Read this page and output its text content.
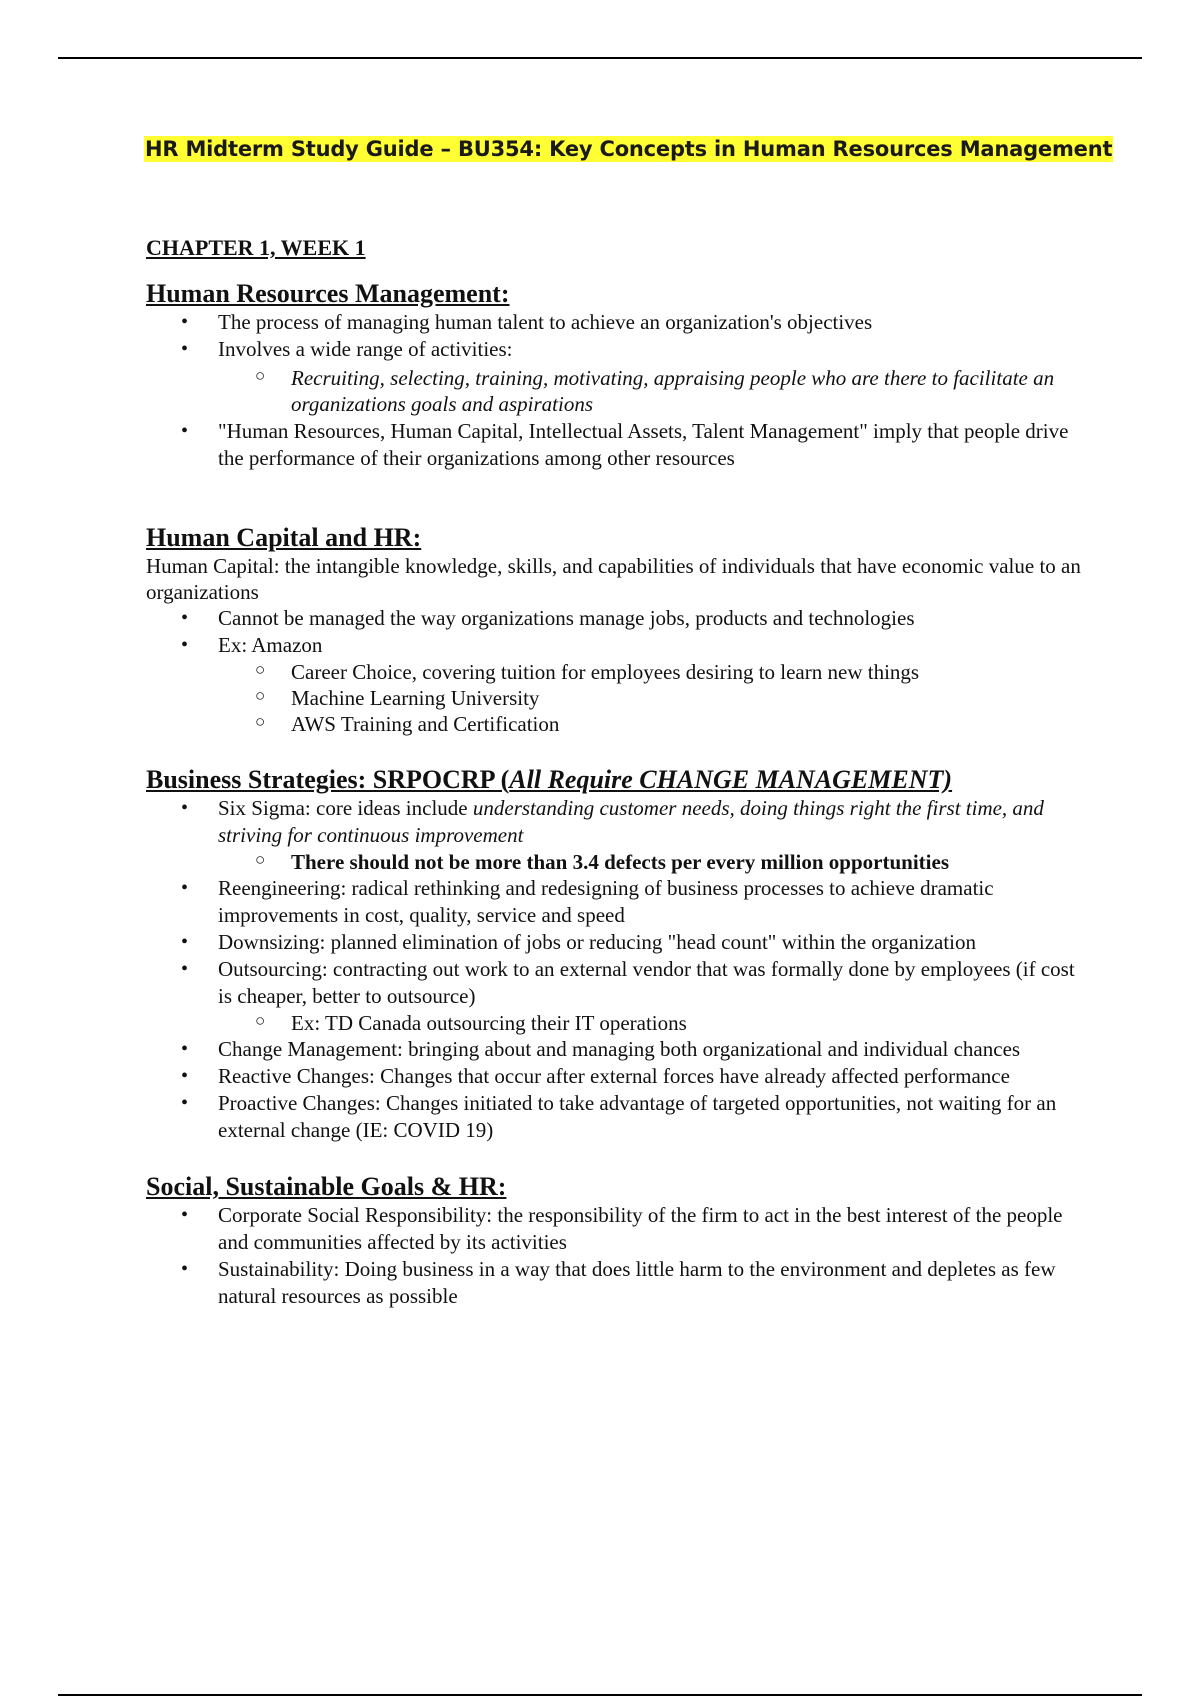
HR Midterm Study Guide – BU354: Key Concepts in Human Resources Management
CHAPTER 1, WEEK 1
Human Resources Management:
• The process of managing human talent to achieve an organization's objectives
• Involves a wide range of activities:
○ Recruiting, selecting, training, motivating, appraising people who are there to facilitate an organizations goals and aspirations
• "Human Resources, Human Capital, Intellectual Assets, Talent Management" imply that people drive the performance of their organizations among other resources
Human Capital and HR:

Human Capital: the intangible knowledge, skills, and capabilities of individuals that have economic value to an organizations

• Cannot be managed the way organizations manage jobs, products and technologies
• Ex: Amazon
○ Career Choice, covering tuition for employees desiring to learn new things
○ Machine Learning University
○ AWS Training and Certification
Business Strategies: SRPOCRP (All Require CHANGE MANAGEMENT)
• Six Sigma: core ideas include understanding customer needs, doing things right the first time, and striving for continuous improvement
○ There should not be more than 3.4 defects per every million opportunities
• Reengineering: radical rethinking and redesigning of business processes to achieve dramatic improvements in cost, quality, service and speed
• Downsizing: planned elimination of jobs or reducing "head count" within the organization
• Outsourcing: contracting out work to an external vendor that was formally done by employees (if cost is cheaper, better to outsource)
○ Ex: TD Canada outsourcing their IT operations
• Change Management: bringing about and managing both organizational and individual chances
• Reactive Changes: Changes that occur after external forces have already affected performance
• Proactive Changes: Changes initiated to take advantage of targeted opportunities, not waiting for an external change (IE: COVID 19)
Social, Sustainable Goals & HR:
• Corporate Social Responsibility: the responsibility of the firm to act in the best interest of the people and communities affected by its activities
• Sustainability: Doing business in a way that does little harm to the environment and depletes as few natural resources as possible
